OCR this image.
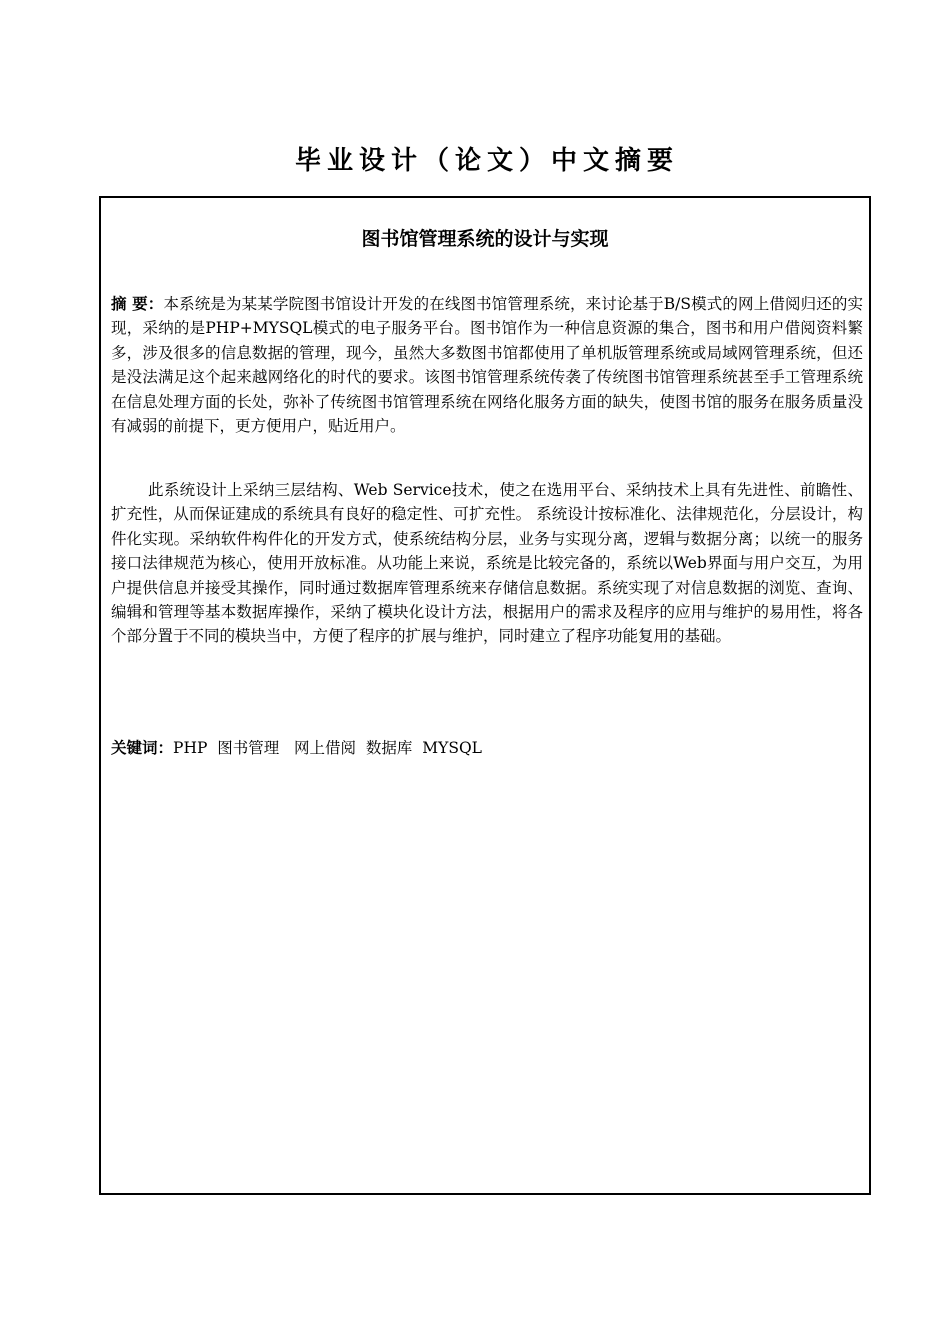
毕业设计（论文）中文摘要
图书馆管理系统的设计与实现

摘 要：本系统是为某某学院图书馆设计开发的在线图书馆管理系统，来讨论基于B/S模式的网上借阅归还的实现，采纳的是PHP+MYSQL模式的电子服务平台。图书馆作为一种信息资源的集合，图书和用户借阅资料繁多，涉及很多的信息数据的管理，现今，虽然大多数图书馆都使用了单机版管理系统或局域网管理系统，但还是没法满足这个起来越网络化的时代的要求。该图书馆管理系统传袭了传统图书馆管理系统甚至手工管理系统在信息处理方面的长处，弥补了传统图书馆管理系统在网络化服务方面的缺失，使图书馆的服务在服务质量没有减弱的前提下，更方便用户，贴近用户。

此系统设计上采纳三层结构、Web Service技术，使之在选用平台、采纳技术上具有先进性、前瞻性、扩充性，从而保证建成的系统具有良好的稳定性、可扩充性。 系统设计按标准化、法律规范化，分层设计，构件化实现。采纳软件构件化的开发方式，使系统结构分层，业务与实现分离，逻辑与数据分离；以统一的服务接口法律规范为核心，使用开放标准。从功能上来说，系统是比较完备的，系统以Web界面与用户交互，为用户提供信息并接受其操作，同时通过数据库管理系统来存储信息数据。系统实现了对信息数据的浏览、查询、编辑和管理等基本数据库操作，采纳了模块化设计方法，根据用户的需求及程序的应用与维护的易用性，将各个部分置于不同的模块当中，方便了程序的扩展与维护，同时建立了程序功能复用的基础。

关键词：PHP  图书管理   网上借阅  数据库  MYSQL
